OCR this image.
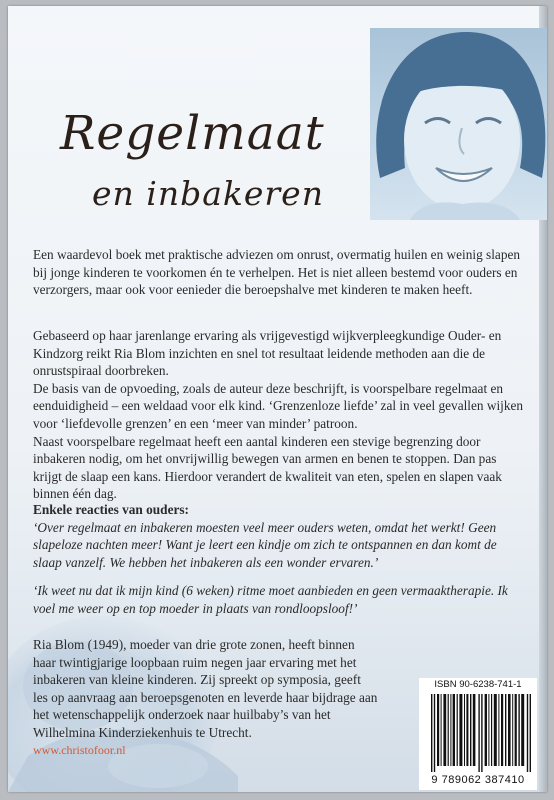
Regelmaat
en inbakeren

Een waardevol boek met praktische adviezen om onrust, overmatig huilen en weinig slapen bij jonge kinderen te voorkomen én te verhelpen. Het is niet alleen bestemd voor ouders en verzorgers, maar ook voor eenieder die beroepshalve met kinderen te maken heeft.

Gebaseerd op haar jarenlange ervaring als vrijgevestigd wijkverpleegkundige Ouder- en Kindzorg reikt Ria Blom inzichten en snel tot resultaat leidende methoden aan die de onrustspiraal doorbreken.
De basis van de opvoeding, zoals de auteur deze beschrijft, is voorspelbare regelmaat en eenduidigheid – een weldaad voor elk kind. ‘Grenzenloze liefde’ zal in veel gevallen wijken voor ‘liefdevolle grenzen’ en een ‘meer van minder’ patroon.
Naast voorspelbare regelmaat heeft een aantal kinderen een stevige begrenzing door inbakeren nodig, om het onvrijwillig bewegen van armen en benen te stoppen. Dan pas krijgt de slaap een kans. Hierdoor verandert de kwaliteit van eten, spelen en slapen vaak binnen één dag.

Enkele reacties van ouders:
‘Over regelmaat en inbakeren moesten veel meer ouders weten, omdat het werkt! Geen slapeloze nachten meer! Want je leert een kindje om zich te ontspannen en dan komt de slaap vanzelf. We hebben het inbakeren als een wonder ervaren.’

‘Ik weet nu dat ik mijn kind (6 weken) ritme moet aanbieden en geen vermaaktherapie. Ik voel me weer op en top moeder in plaats van rondloopsloof!’

Ria Blom (1949), moeder van drie grote zonen, heeft binnen haar twintigjarige loopbaan ruim negen jaar ervaring met het inbakeren van kleine kinderen. Zij spreekt op symposia, geeft les op aanvraag aan beroepsgenoten en leverde haar bijdrage aan het wetenschappelijk onderzoek naar huilbaby’s van het Wilhelmina Kinderziekenhuis te Utrecht.

www.christofoor.nl
ISBN 90-6238-741-1
9 789062 387410
